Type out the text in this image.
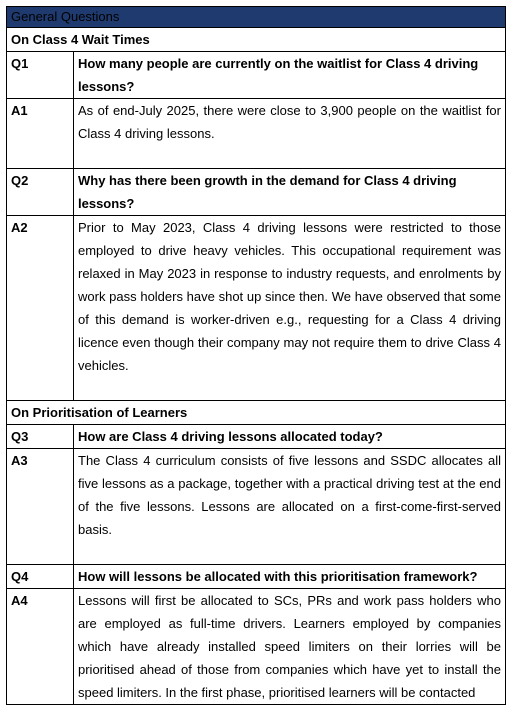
General Questions	
On Class 4 Wait Times	
Q1	How many people are currently on the waitlist for Class 4 driving lessons?
A1	As of end-July 2025, there were close to 3,900 people on the waitlist for Class 4 driving lessons.
Q2	Why has there been growth in the demand for Class 4 driving lessons?
A2	Prior to May 2023, Class 4 driving lessons were restricted to those employed to drive heavy vehicles. This occupational requirement was relaxed in May 2023 in response to industry requests, and enrolments by work pass holders have shot up since then. We have observed that some of this demand is worker-driven e.g., requesting for a Class 4 driving licence even though their company may not require them to drive Class 4 vehicles.
On Prioritisation of Learners	
Q3	How are Class 4 driving lessons allocated today?
A3	The Class 4 curriculum consists of five lessons and SSDC allocates all five lessons as a package, together with a practical driving test at the end of the five lessons. Lessons are allocated on a first-come-first-served basis.
Q4	How will lessons be allocated with this prioritisation framework?
A4	Lessons will first be allocated to SCs, PRs and work pass holders who are employed as full-time drivers. Learners employed by companies which have already installed speed limiters on their lorries will be prioritised ahead of those from companies which have yet to install the speed limiters. In the first phase, prioritised learners will be contacted
